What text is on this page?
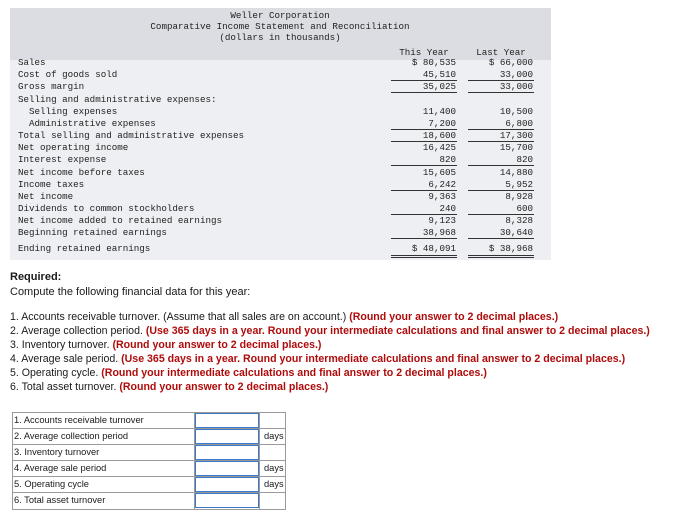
Weller Corporation
Comparative Income Statement and Reconciliation
(dollars in thousands)
This Year	Last Year
Sales	$ 80,535	$ 66,000
Cost of goods sold	45,510	33,000
Gross margin	35,025	33,000
Selling and administrative expenses:
Selling expenses	11,400	10,500
Administrative expenses	7,200	6,800
Total selling and administrative expenses	18,600	17,300
Net operating income	16,425	15,700
Interest expense	820	820
Net income before taxes	15,605	14,880
Income taxes	6,242	5,952
Net income	9,363	8,928
Dividends to common stockholders	240	600
Net income added to retained earnings	9,123	8,328
Beginning retained earnings	38,968	30,640
Ending retained earnings	$ 48,091	$ 38,968
Required:
Compute the following financial data for this year:
1. Accounts receivable turnover. (Assume that all sales are on account.) (Round your answer to 2 decimal places.)
2. Average collection period. (Use 365 days in a year. Round your intermediate calculations and final answer to 2 decimal places.)
3. Inventory turnover. (Round your answer to 2 decimal places.)
4. Average sale period. (Use 365 days in a year. Round your intermediate calculations and final answer to 2 decimal places.)
5. Operating cycle. (Round your intermediate calculations and final answer to 2 decimal places.)
6. Total asset turnover. (Round your answer to 2 decimal places.)
1. Accounts receivable turnover
2. Average collection period	days
3. Inventory turnover
4. Average sale period	days
5. Operating cycle	days
6. Total asset turnover
